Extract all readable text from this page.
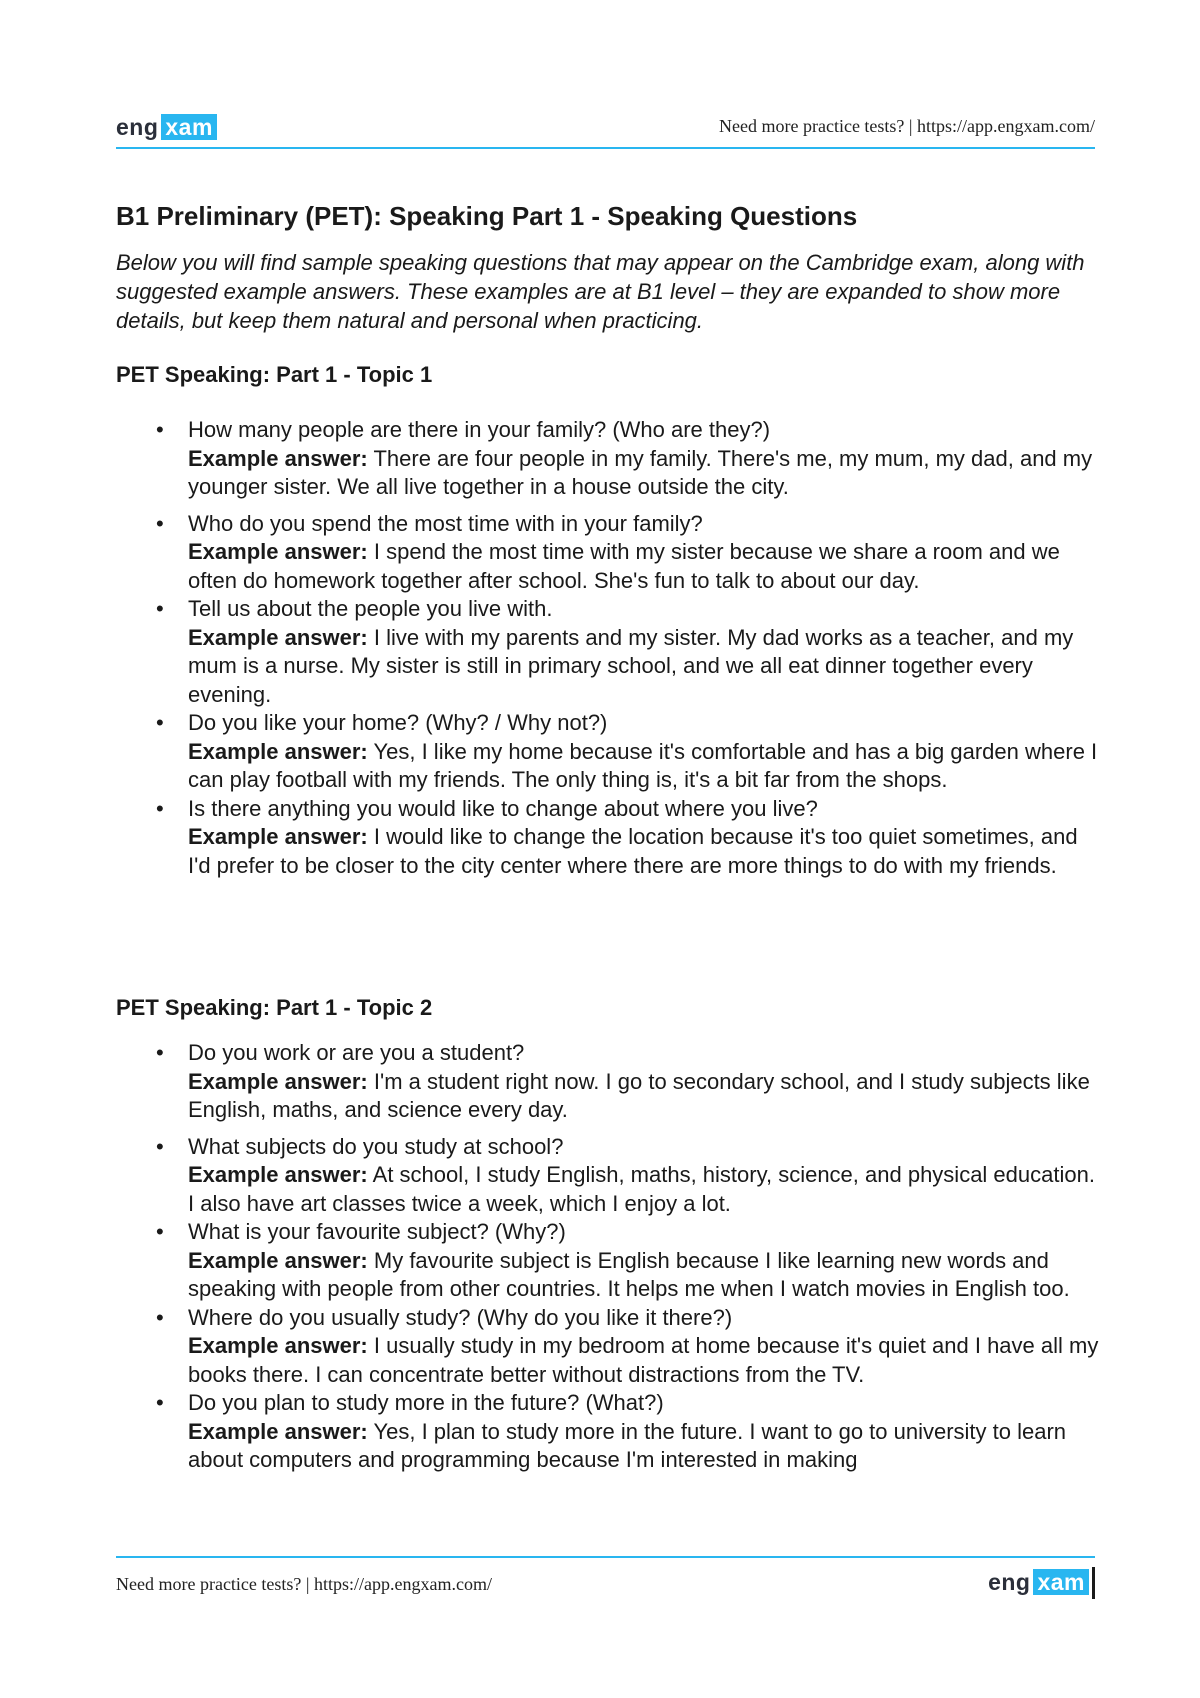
eng xam	Need more practice tests? | https://app.engxam.com/
B1 Preliminary (PET): Speaking Part 1 - Speaking Questions

Below you will find sample speaking questions that may appear on the Cambridge exam, along with suggested example answers. These examples are at B1 level – they are expanded to show more details, but keep them natural and personal when practicing.

PET Speaking: Part 1 - Topic 1
• How many people are there in your family? (Who are they?)
Example answer: There are four people in my family. There's me, my mum, my dad, and my younger sister. We all live together in a house outside the city.
• Who do you spend the most time with in your family?
Example answer: I spend the most time with my sister because we share a room and we often do homework together after school. She's fun to talk to about our day.
• Tell us about the people you live with.
Example answer: I live with my parents and my sister. My dad works as a teacher, and my mum is a nurse. My sister is still in primary school, and we all eat dinner together every evening.
• Do you like your home? (Why? / Why not?)
Example answer: Yes, I like my home because it's comfortable and has a big garden where I can play football with my friends. The only thing is, it's a bit far from the shops.
• Is there anything you would like to change about where you live?
Example answer: I would like to change the location because it's too quiet sometimes, and I'd prefer to be closer to the city center where there are more things to do with my friends.
PET Speaking: Part 1 - Topic 2
• Do you work or are you a student?
Example answer: I'm a student right now. I go to secondary school, and I study subjects like English, maths, and science every day.
• What subjects do you study at school?
Example answer: At school, I study English, maths, history, science, and physical education. I also have art classes twice a week, which I enjoy a lot.
• What is your favourite subject? (Why?)
Example answer: My favourite subject is English because I like learning new words and speaking with people from other countries. It helps me when I watch movies in English too.
• Where do you usually study? (Why do you like it there?)
Example answer: I usually study in my bedroom at home because it's quiet and I have all my books there. I can concentrate better without distractions from the TV.
• Do you plan to study more in the future? (What?)
Example answer: Yes, I plan to study more in the future. I want to go to university to learn about computers and programming because I'm interested in making
Need more practice tests? | https://app.engxam.com/	eng xam
